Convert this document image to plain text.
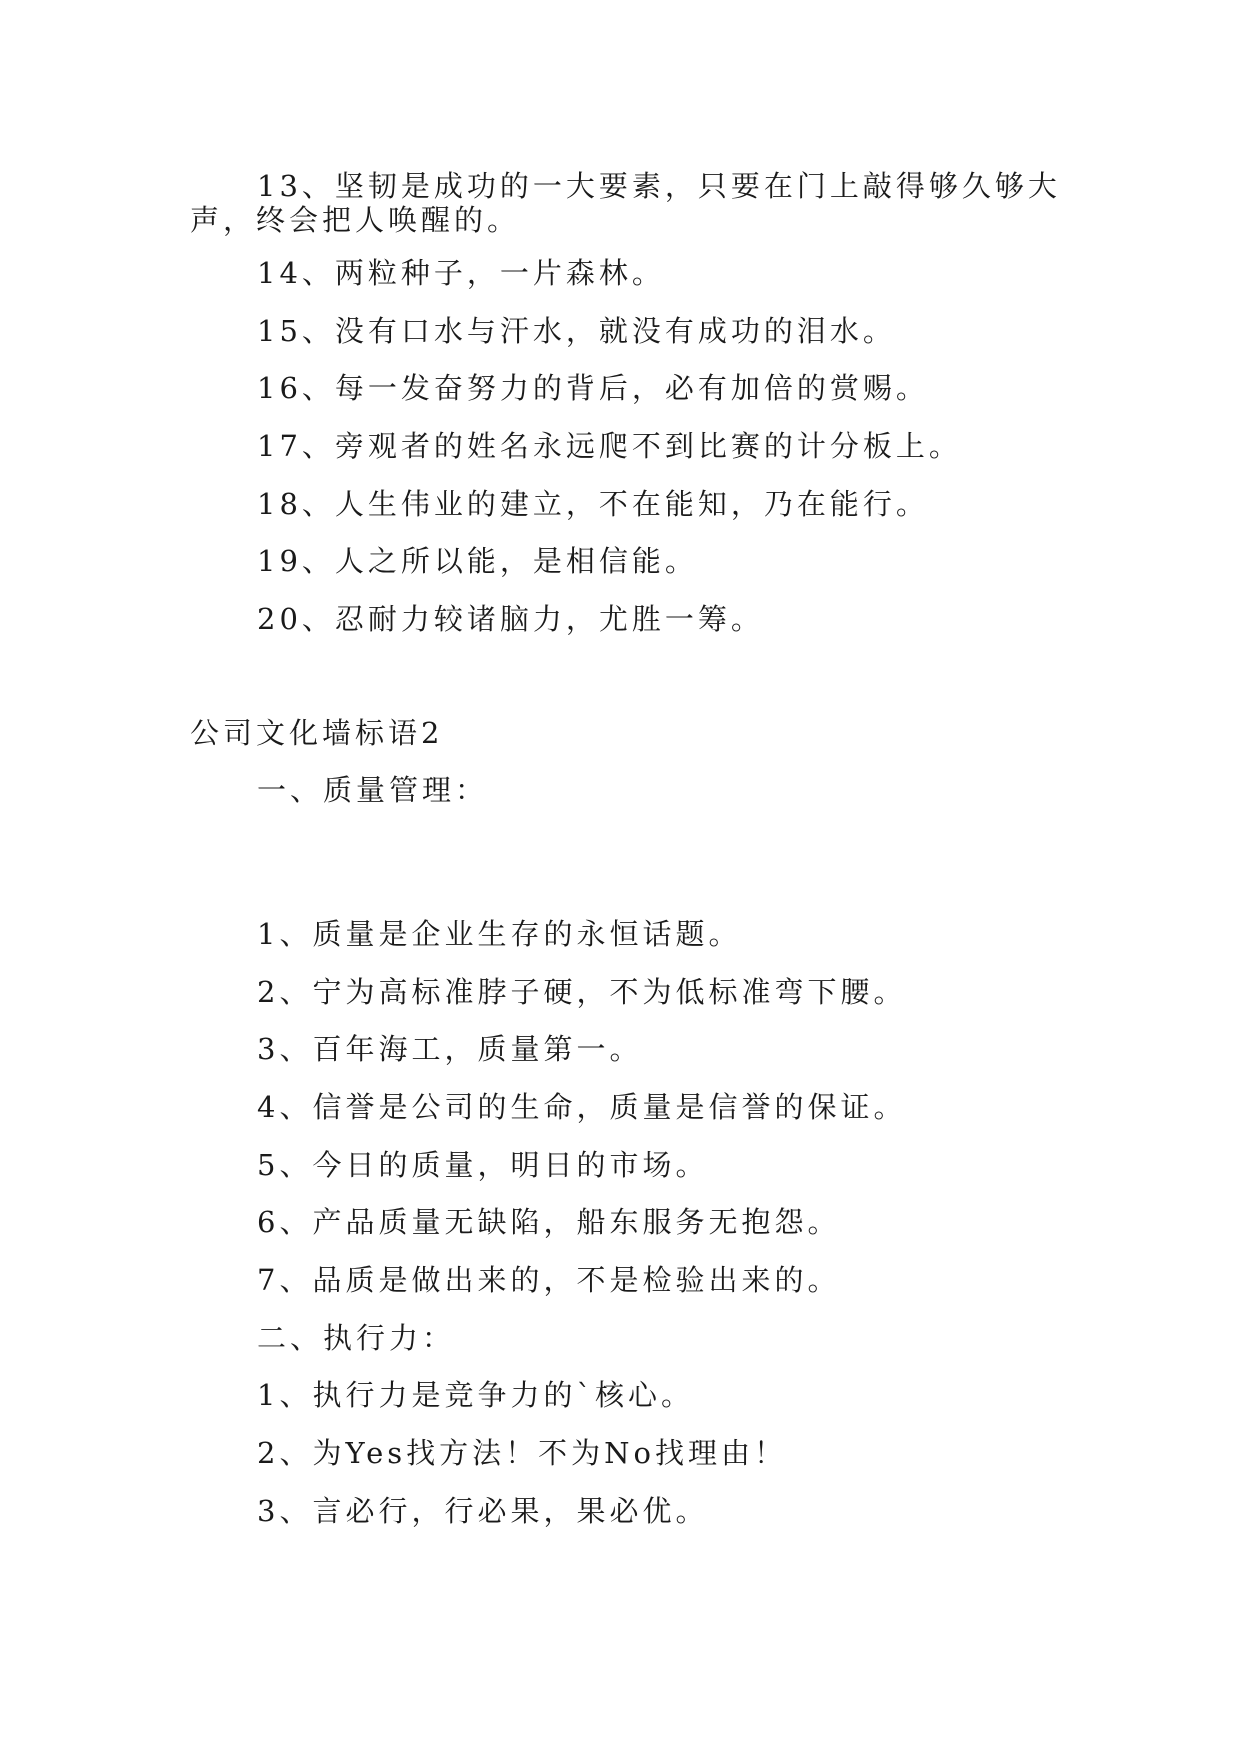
13、坚韧是成功的一大要素，只要在门上敲得够久够大

声，终会把人唤醒的。

14、两粒种子，一片森林。

15、没有口水与汗水，就没有成功的泪水。

16、每一发奋努力的背后，必有加倍的赏赐。

17、旁观者的姓名永远爬不到比赛的计分板上。

18、人生伟业的建立，不在能知，乃在能行。

19、人之所以能，是相信能。

20、忍耐力较诸脑力，尤胜一筹。

公司文化墙标语2

一、质量管理：

1、质量是企业生存的永恒话题。

2、宁为高标准脖子硬，不为低标准弯下腰。

3、百年海工，质量第一。

4、信誉是公司的生命，质量是信誉的保证。

5、今日的质量，明日的市场。

6、产品质量无缺陷，船东服务无抱怨。

7、品质是做出来的，不是检验出来的。

二、执行力：

1、执行力是竞争力的`核心。

2、为Yes找方法！不为No找理由！

3、言必行，行必果，果必优。
